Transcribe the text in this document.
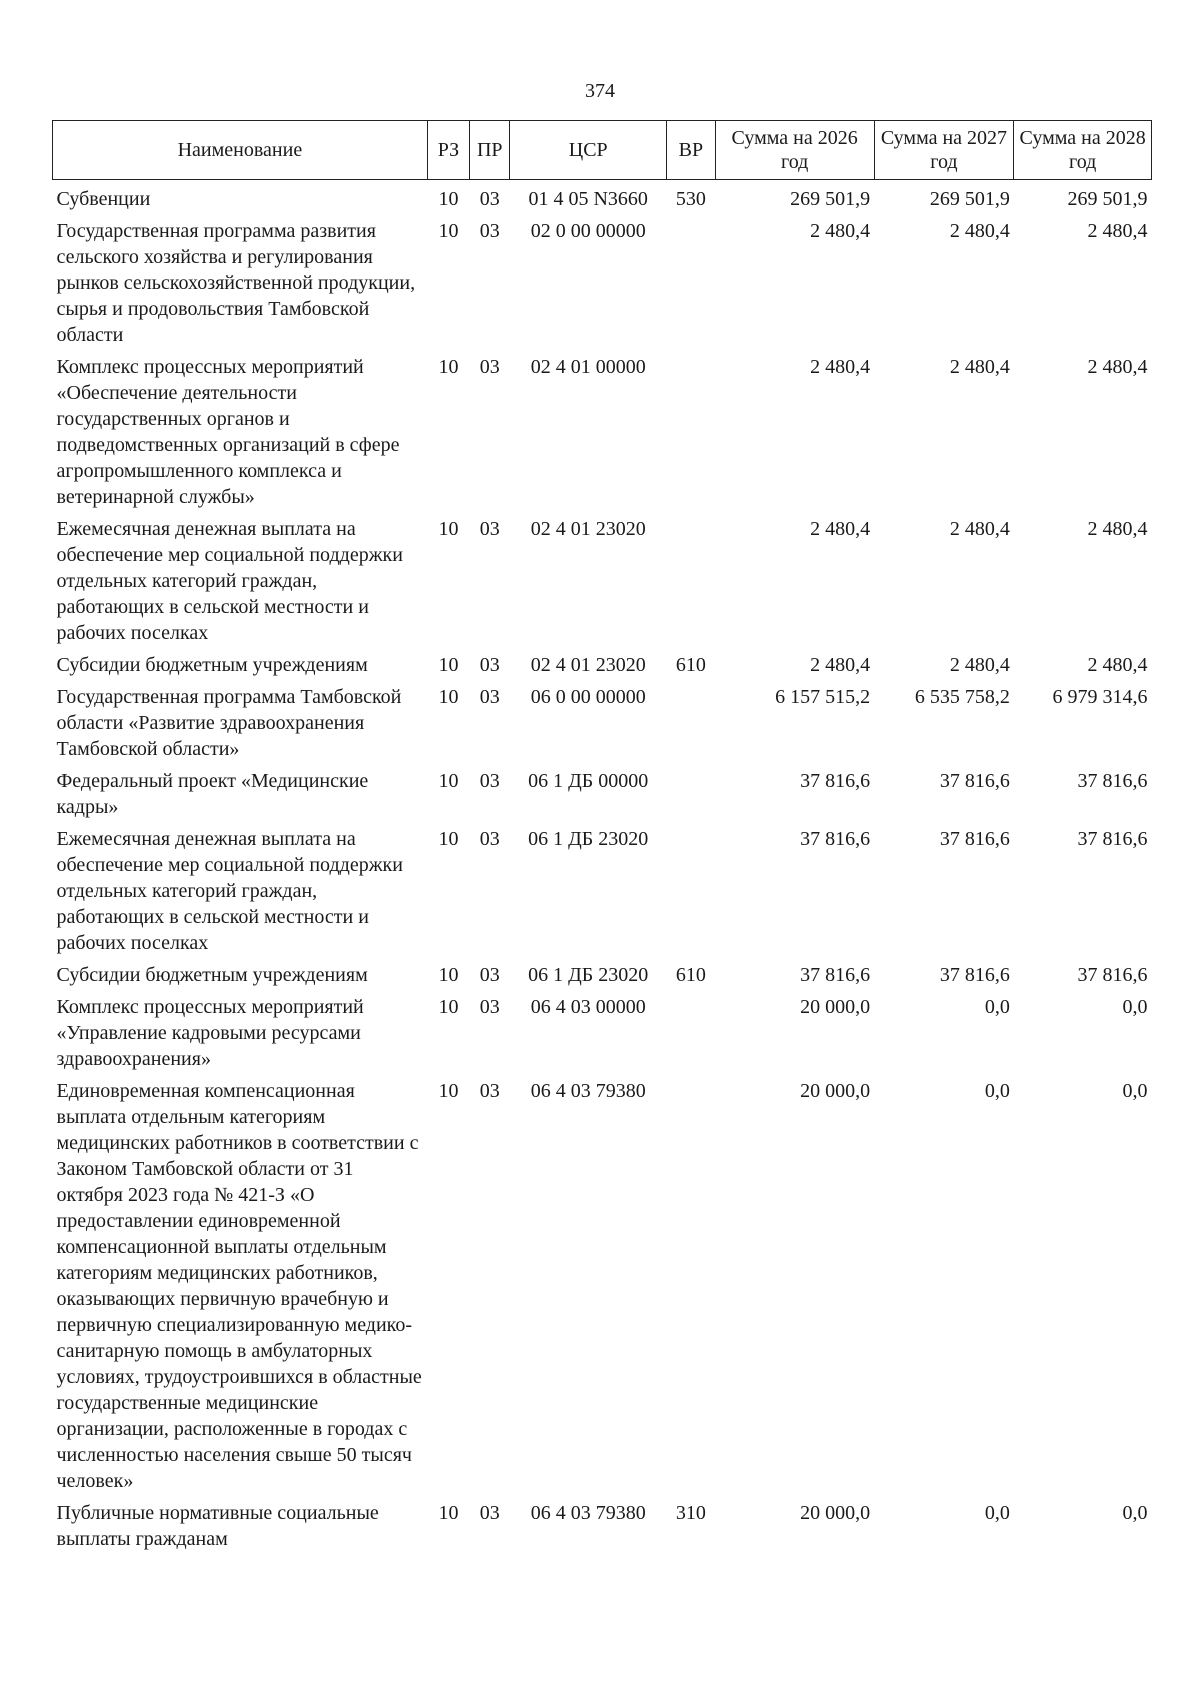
374
Наименование	РЗ	ПР	ЦСР	ВР	Сумма на 2026 год	Сумма на 2027 год	Сумма на 2028 год
Субвенции	10	03	01 4 05 N3660	530	269 501,9	269 501,9	269 501,9
Государственная программа развития сельского хозяйства и регулирования рынков сельскохозяйственной продукции, сырья и продовольствия Тамбовской области	10	03	02 0 00 00000		2 480,4	2 480,4	2 480,4
Комплекс процессных мероприятий «Обеспечение деятельности государственных органов и подведомственных организаций в сфере агропромышленного комплекса и ветеринарной службы»	10	03	02 4 01 00000		2 480,4	2 480,4	2 480,4
Ежемесячная денежная выплата на обеспечение мер социальной поддержки отдельных категорий граждан, работающих в сельской местности и рабочих поселках	10	03	02 4 01 23020		2 480,4	2 480,4	2 480,4
Субсидии бюджетным учреждениям	10	03	02 4 01 23020	610	2 480,4	2 480,4	2 480,4
Государственная программа Тамбовской области «Развитие здравоохранения Тамбовской области»	10	03	06 0 00 00000		6 157 515,2	6 535 758,2	6 979 314,6
Федеральный проект «Медицинские кадры»	10	03	06 1 ДБ 00000		37 816,6	37 816,6	37 816,6
Ежемесячная денежная выплата на обеспечение мер социальной поддержки отдельных категорий граждан, работающих в сельской местности и рабочих поселках	10	03	06 1 ДБ 23020		37 816,6	37 816,6	37 816,6
Субсидии бюджетным учреждениям	10	03	06 1 ДБ 23020	610	37 816,6	37 816,6	37 816,6
Комплекс процессных мероприятий «Управление кадровыми ресурсами здравоохранения»	10	03	06 4 03 00000		20 000,0	0,0	0,0
Единовременная компенсационная выплата отдельным категориям медицинских работников в соответствии с Законом Тамбовской области от 31 октября 2023 года № 421-З «О предоставлении единовременной компенсационной выплаты отдельным категориям медицинских работников, оказывающих первичную врачебную и первичную специализированную медико-санитарную помощь в амбулаторных условиях, трудоустроившихся в областные государственные медицинские организации, расположенные в городах с численностью населения свыше 50 тысяч человек»	10	03	06 4 03 79380		20 000,0	0,0	0,0
Публичные нормативные социальные выплаты гражданам	10	03	06 4 03 79380	310	20 000,0	0,0	0,0
